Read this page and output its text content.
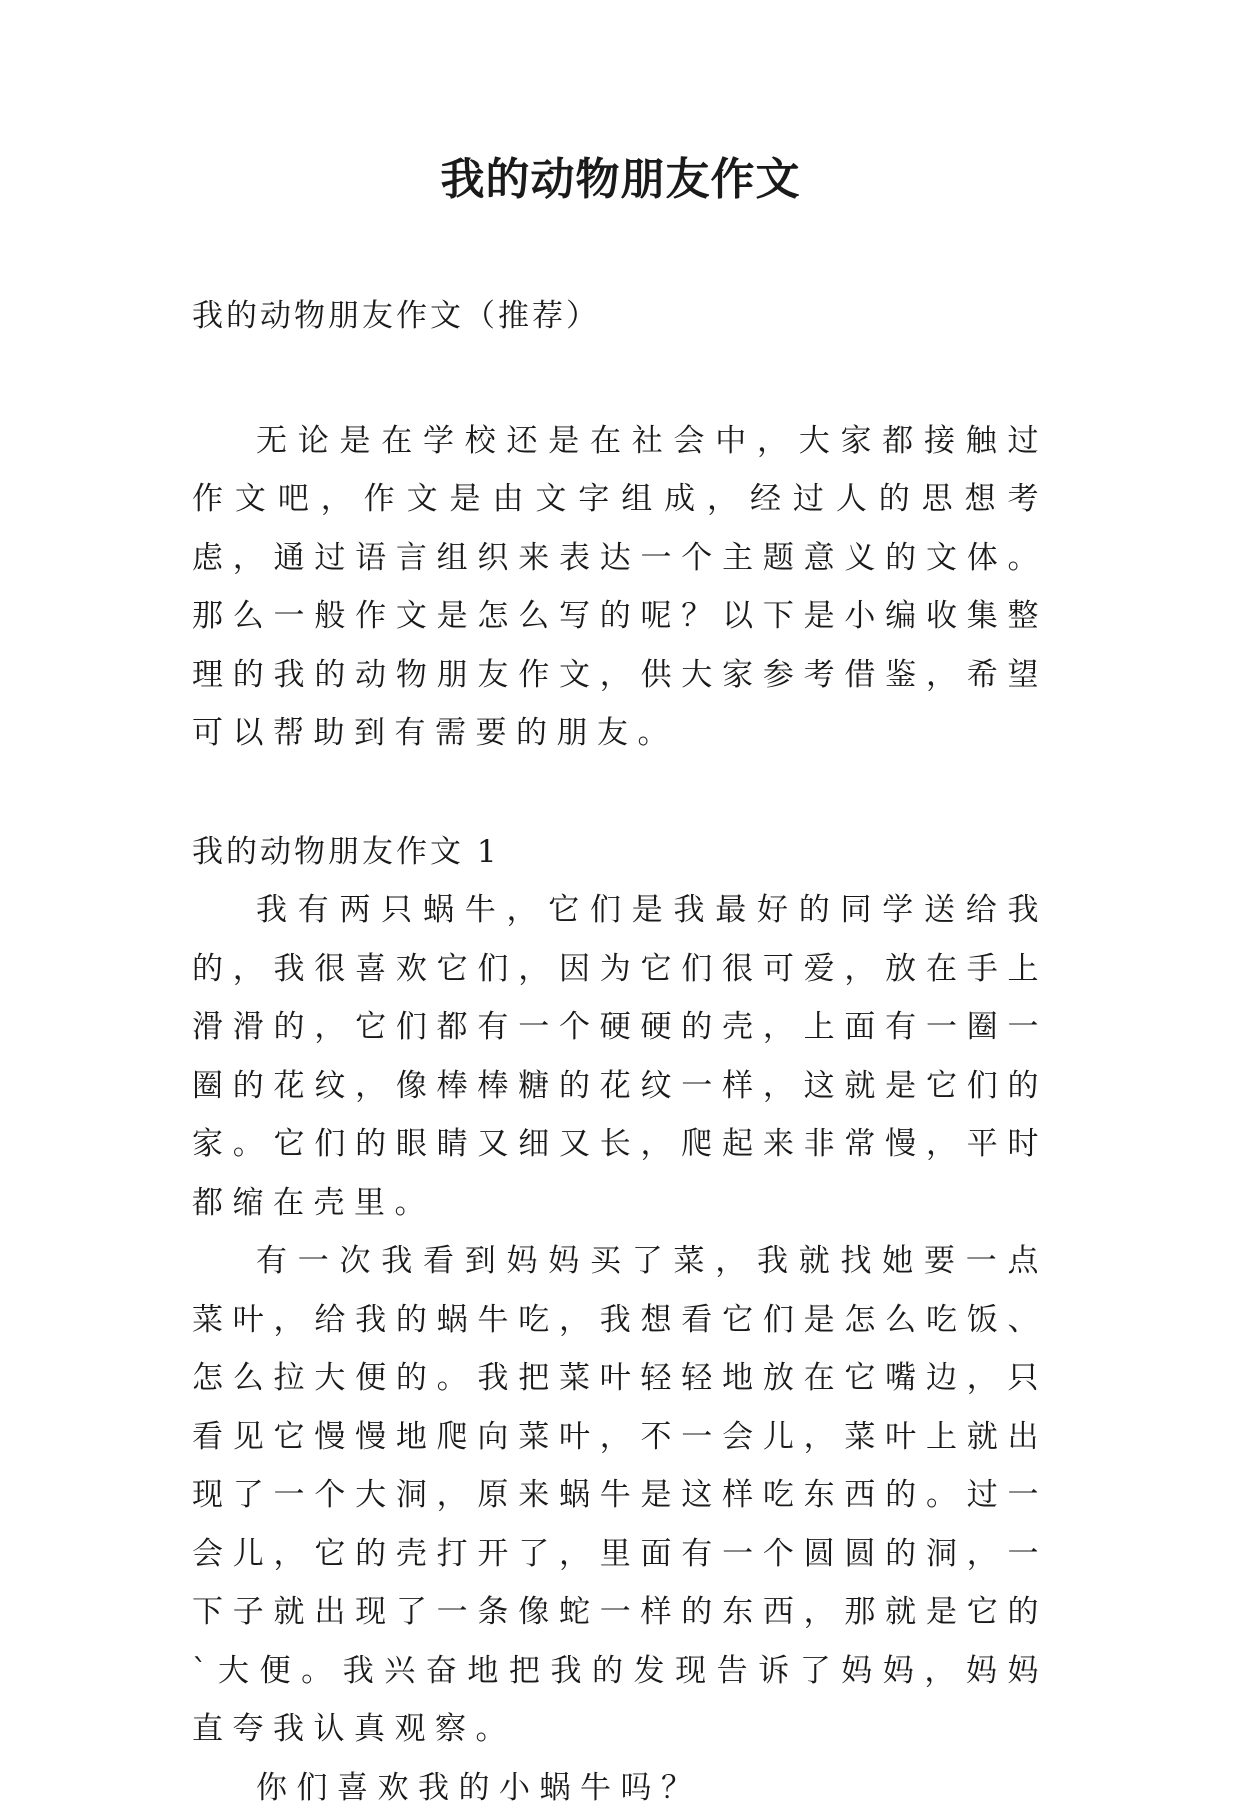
我的动物朋友作文

我的动物朋友作文（推荐）

无论是在学校还是在社会中，大家都接触过作文吧，作文是由文字组成，经过人的思想考虑，通过语言组织来表达一个主题意义的文体。那么一般作文是怎么写的呢？以下是小编收集整理的我的动物朋友作文，供大家参考借鉴，希望可以帮助到有需要的朋友。

我的动物朋友作文 1

我有两只蜗牛，它们是我最好的同学送给我的，我很喜欢它们，因为它们很可爱，放在手上滑滑的，它们都有一个硬硬的壳，上面有一圈一圈的花纹，像棒棒糖的花纹一样，这就是它们的家。它们的眼睛又细又长，爬起来非常慢，平时都缩在壳里。

有一次我看到妈妈买了菜，我就找她要一点菜叶，给我的蜗牛吃，我想看它们是怎么吃饭、怎么拉大便的。我把菜叶轻轻地放在它嘴边，只看见它慢慢地爬向菜叶，不一会儿，菜叶上就出现了一个大洞，原来蜗牛是这样吃东西的。过一会儿，它的壳打开了，里面有一个圆圆的洞，一下子就出现了一条像蛇一样的东西，那就是它的`大便。我兴奋地把我的发现告诉了妈妈，妈妈直夸我认真观察。

你们喜欢我的小蜗牛吗？
